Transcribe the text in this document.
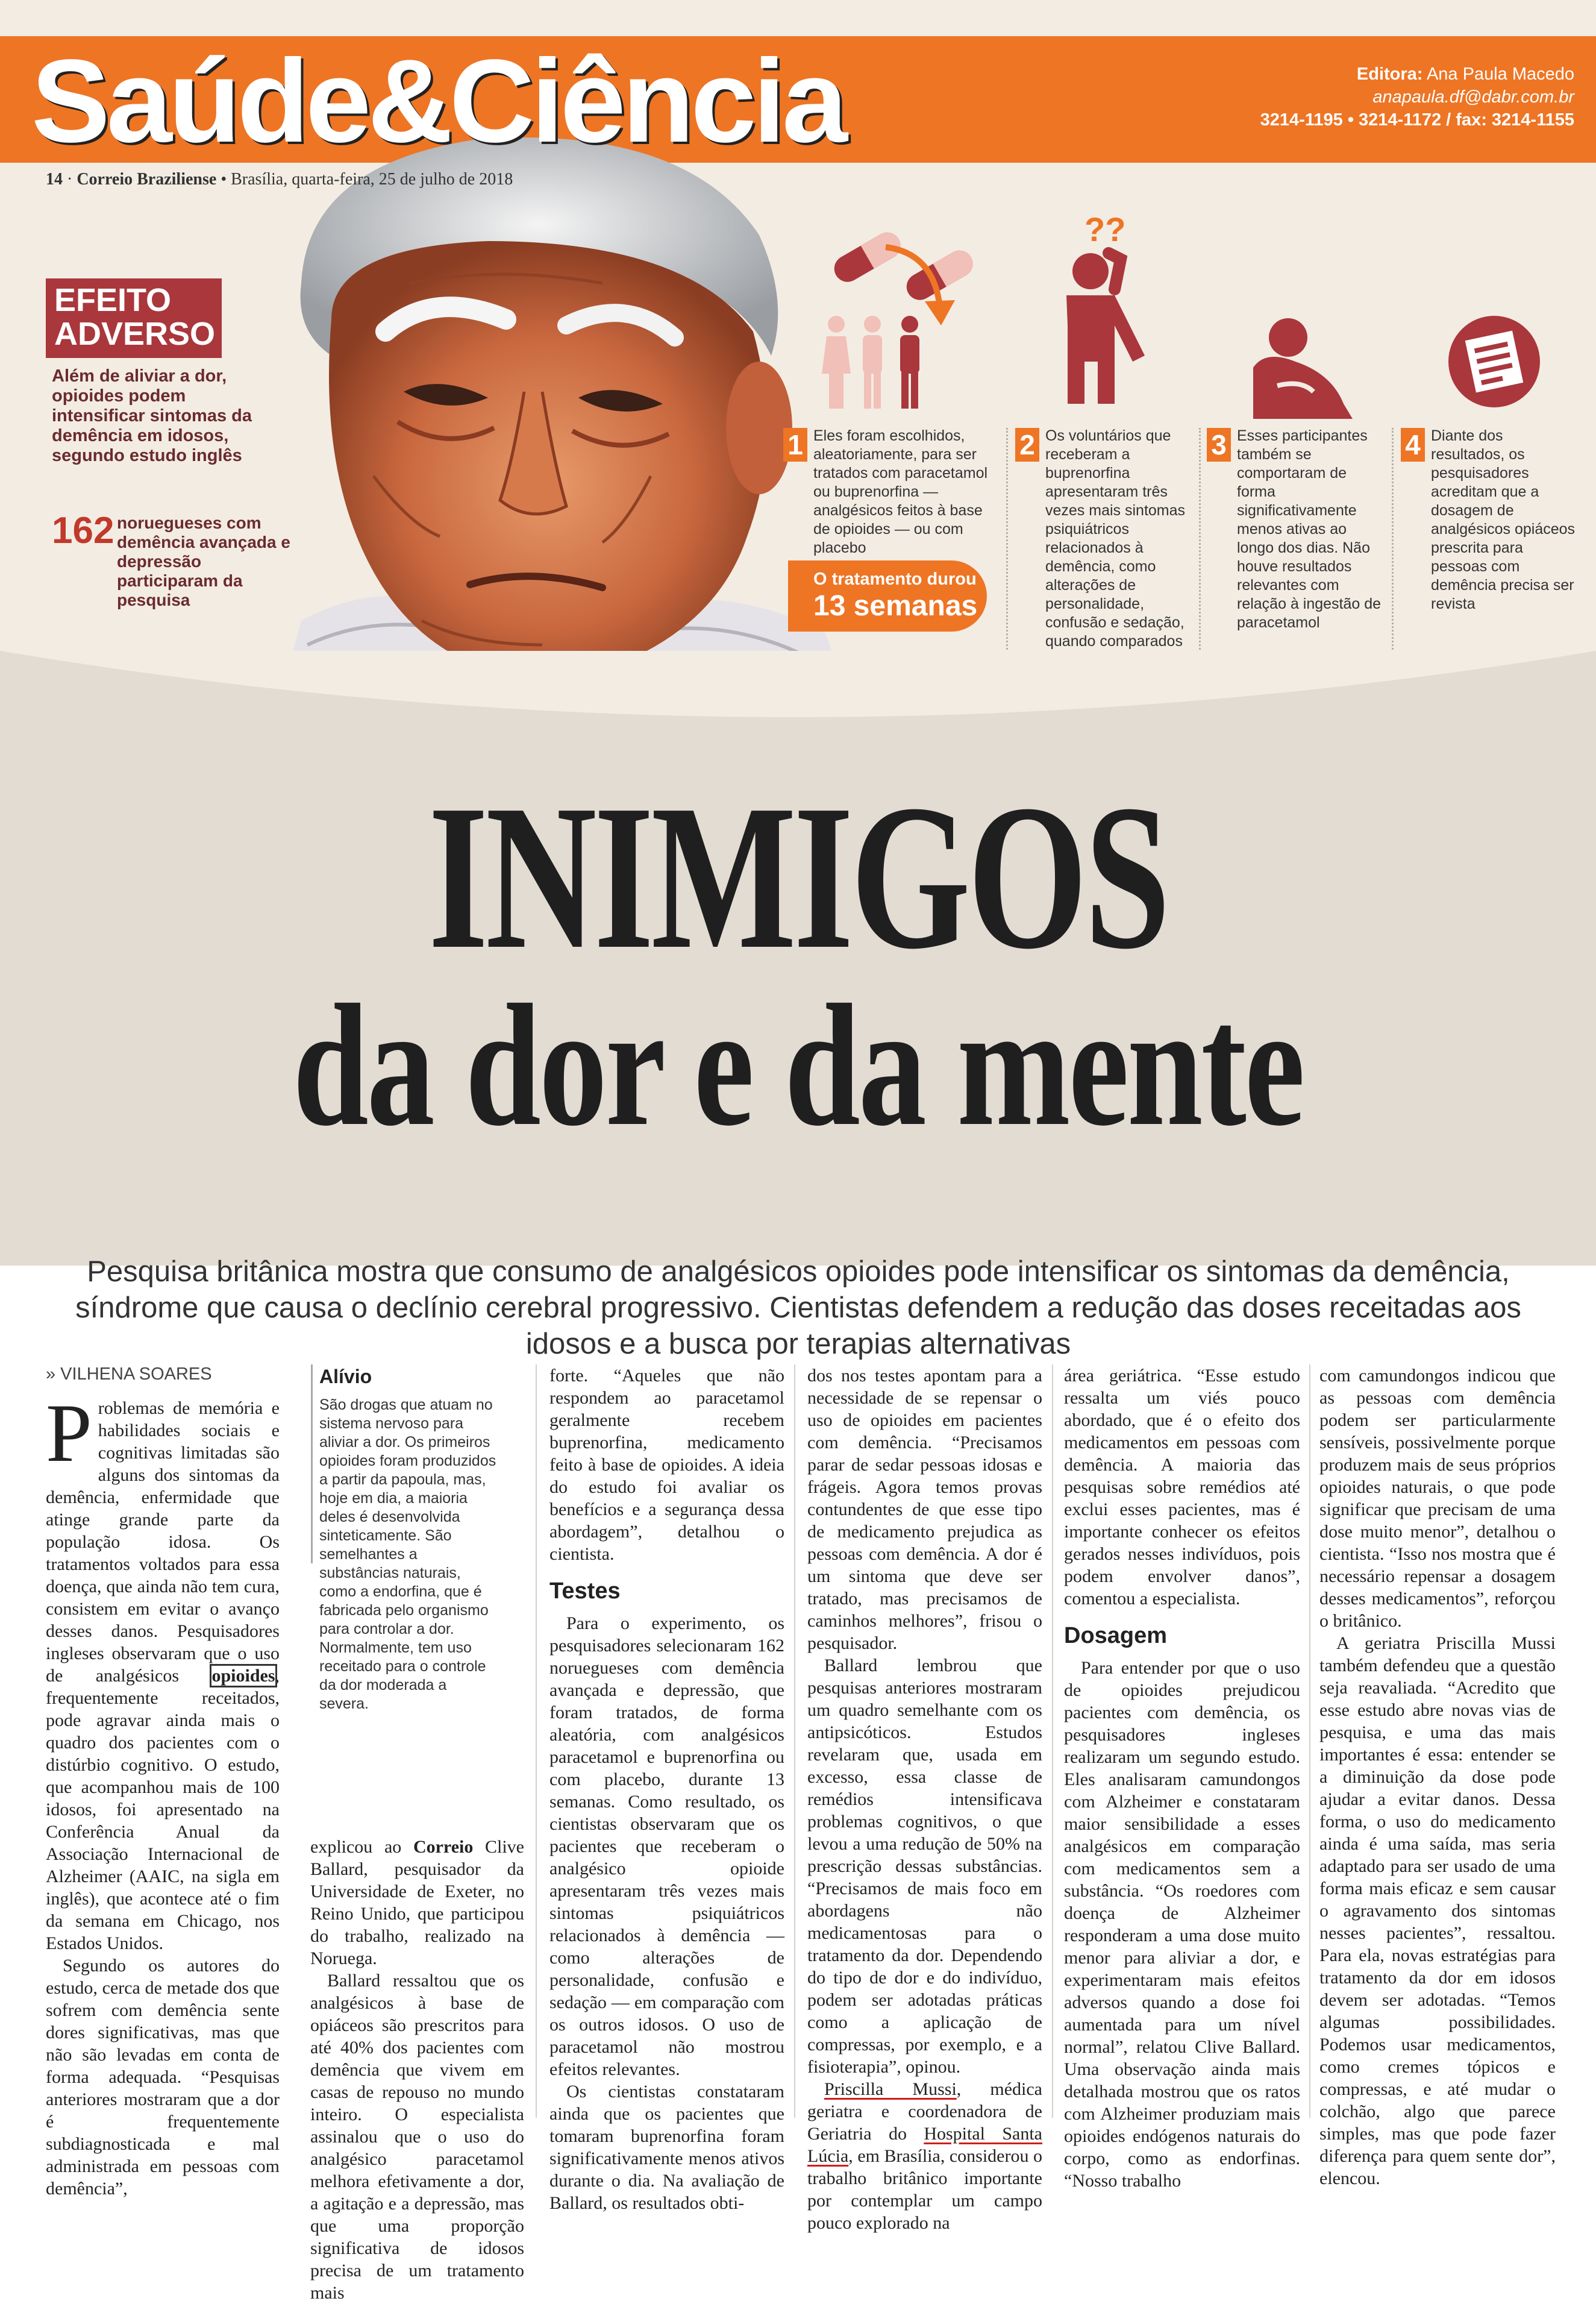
Saúde&Ciência	Editora: Ana Paula Macedo
anapaula.df@dabr.com.br
3214-1195 • 3214-1172 / fax: 3214-1155
14 · Correio Braziliense • Brasília, quarta-feira, 25 de julho de 2018
EFEITO ADVERSO
Além de aliviar a dor, opioides podem intensificar sintomas da demência em idosos, segundo estudo inglês
162 noruegueses com demência avançada e depressão participaram da pesquisa
??
1 Eles foram escolhidos, aleatoriamente, para ser tratados com paracetamol ou buprenorfina — analgésicos feitos à base de opioides — ou com placebo
2 Os voluntários que receberam a buprenorfina apresentaram três vezes mais sintomas psiquiátricos relacionados à demência, como alterações de personalidade, confusão e sedação, quando comparados
3 Esses participantes também se comportaram de forma significativamente menos ativas ao longo dos dias. Não houve resultados relevantes com relação à ingestão de paracetamol
4 Diante dos resultados, os pesquisadores acreditam que a dosagem de analgésicos opiáceos prescrita para pessoas com demência precisa ser revista
O tratamento durou
13 semanas
INIMIGOS
da dor e da mente
Pesquisa britânica mostra que consumo de analgésicos opioides pode intensificar os sintomas da demência, síndrome que causa o declínio cerebral progressivo. Cientistas defendem a redução das doses receitadas aos idosos e a busca por terapias alternativas
» VILHENA SOARES

Problemas de memória e habilidades sociais e cognitivas limitadas são alguns dos sintomas da demência, enfermidade que atinge grande parte da população idosa. Os tratamentos voltados para essa doença, que ainda não tem cura, consistem em evitar o avanço desses danos. Pesquisadores ingleses observaram que o uso de analgésicos opioides, frequentemente receitados, pode agravar ainda mais o quadro dos pacientes com o distúrbio cognitivo. O estudo, que acompanhou mais de 100 idosos, foi apresentado na Conferência Anual da Associação Internacional de Alzheimer (AAIC, na sigla em inglês), que acontece até o fim da semana em Chicago, nos Estados Unidos.

Segundo os autores do estudo, cerca de metade dos que sofrem com demência sente dores significativas, mas que não são levadas em conta de forma adequada. “Pesquisas anteriores mostraram que a dor é frequentemente subdiagnosticada e mal administrada em pessoas com demência”,

Alívio
São drogas que atuam no sistema nervoso para aliviar a dor. Os primeiros opioides foram produzidos a partir da papoula, mas, hoje em dia, a maioria deles é desenvolvida sinteticamente. São semelhantes a substâncias naturais, como a endorfina, que é fabricada pelo organismo para controlar a dor. Normalmente, tem uso receitado para o controle da dor moderada a severa.

explicou ao Correio Clive Ballard, pesquisador da Universidade de Exeter, no Reino Unido, que participou do trabalho, realizado na Noruega.

Ballard ressaltou que os analgésicos à base de opiáceos são prescritos para até 40% dos pacientes com demência que vivem em casas de repouso no mundo inteiro. O especialista assinalou que o uso do analgésico paracetamol melhora efetivamente a dor, a agitação e a depressão, mas que uma proporção significativa de idosos precisa de um tratamento mais

forte. “Aqueles que não respondem ao paracetamol geralmente recebem buprenorfina, medicamento feito à base de opioides. A ideia do estudo foi avaliar os benefícios e a segurança dessa abordagem”, detalhou o cientista.

Testes

Para o experimento, os pesquisadores selecionaram 162 noruegueses com demência avançada e depressão, que foram tratados, de forma aleatória, com analgésicos paracetamol e buprenorfina ou com placebo, durante 13 semanas. Como resultado, os cientistas observaram que os pacientes que receberam o analgésico opioide apresentaram três vezes mais sintomas psiquiátricos relacionados à demência — como alterações de personalidade, confusão e sedação — em comparação com os outros idosos. O uso de paracetamol não mostrou efeitos relevantes.

Os cientistas constataram ainda que os pacientes que tomaram buprenorfina foram significativamente menos ativos durante o dia. Na avaliação de Ballard, os resultados obti-

dos nos testes apontam para a necessidade de se repensar o uso de opioides em pacientes com demência. “Precisamos parar de sedar pessoas idosas e frágeis. Agora temos provas contundentes de que esse tipo de medicamento prejudica as pessoas com demência. A dor é um sintoma que deve ser tratado, mas precisamos de caminhos melhores”, frisou o pesquisador.

Ballard lembrou que pesquisas anteriores mostraram um quadro semelhante com os antipsicóticos. Estudos revelaram que, usada em excesso, essa classe de remédios intensificava problemas cognitivos, o que levou a uma redução de 50% na prescrição dessas substâncias. “Precisamos de mais foco em abordagens não medicamentosas para o tratamento da dor. Dependendo do tipo de dor e do indivíduo, podem ser adotadas práticas como a aplicação de compressas, por exemplo, e a fisioterapia”, opinou.

Priscilla Mussi, médica geriatra e coordenadora de Geriatria do Hospital Santa Lúcia, em Brasília, considerou o trabalho britânico importante por contemplar um campo pouco explorado na

área geriátrica. “Esse estudo ressalta um viés pouco abordado, que é o efeito dos medicamentos em pessoas com demência. A maioria das pesquisas sobre remédios até exclui esses pacientes, mas é importante conhecer os efeitos gerados nesses indivíduos, pois podem envolver danos”, comentou a especialista.

Dosagem

Para entender por que o uso de opioides prejudicou pacientes com demência, os pesquisadores ingleses realizaram um segundo estudo. Eles analisaram camundongos com Alzheimer e constataram maior sensibilidade a esses analgésicos em comparação com medicamentos sem a substância. “Os roedores com doença de Alzheimer responderam a uma dose muito menor para aliviar a dor, e experimentaram mais efeitos adversos quando a dose foi aumentada para um nível normal”, relatou Clive Ballard. Uma observação ainda mais detalhada mostrou que os ratos com Alzheimer produziam mais opioides endógenos naturais do corpo, como as endorfinas. “Nosso trabalho

com camundongos indicou que as pessoas com demência podem ser particularmente sensíveis, possivelmente porque produzem mais de seus próprios opioides naturais, o que pode significar que precisam de uma dose muito menor”, detalhou o cientista. “Isso nos mostra que é necessário repensar a dosagem desses medicamentos”, reforçou o britânico.

A geriatra Priscilla Mussi também defendeu que a questão seja reavaliada. “Acredito que esse estudo abre novas vias de pesquisa, e uma das mais importantes é essa: entender se a diminuição da dose pode ajudar a evitar danos. Dessa forma, o uso do medicamento ainda é uma saída, mas seria adaptado para ser usado de uma forma mais eficaz e sem causar o agravamento dos sintomas nesses pacientes”, ressaltou. Para ela, novas estratégias para tratamento da dor em idosos devem ser adotadas. “Temos algumas possibilidades. Podemos usar medicamentos, como cremes tópicos e compressas, e até mudar o colchão, algo que parece simples, mas que pode fazer diferença para quem sente dor”, elencou.
